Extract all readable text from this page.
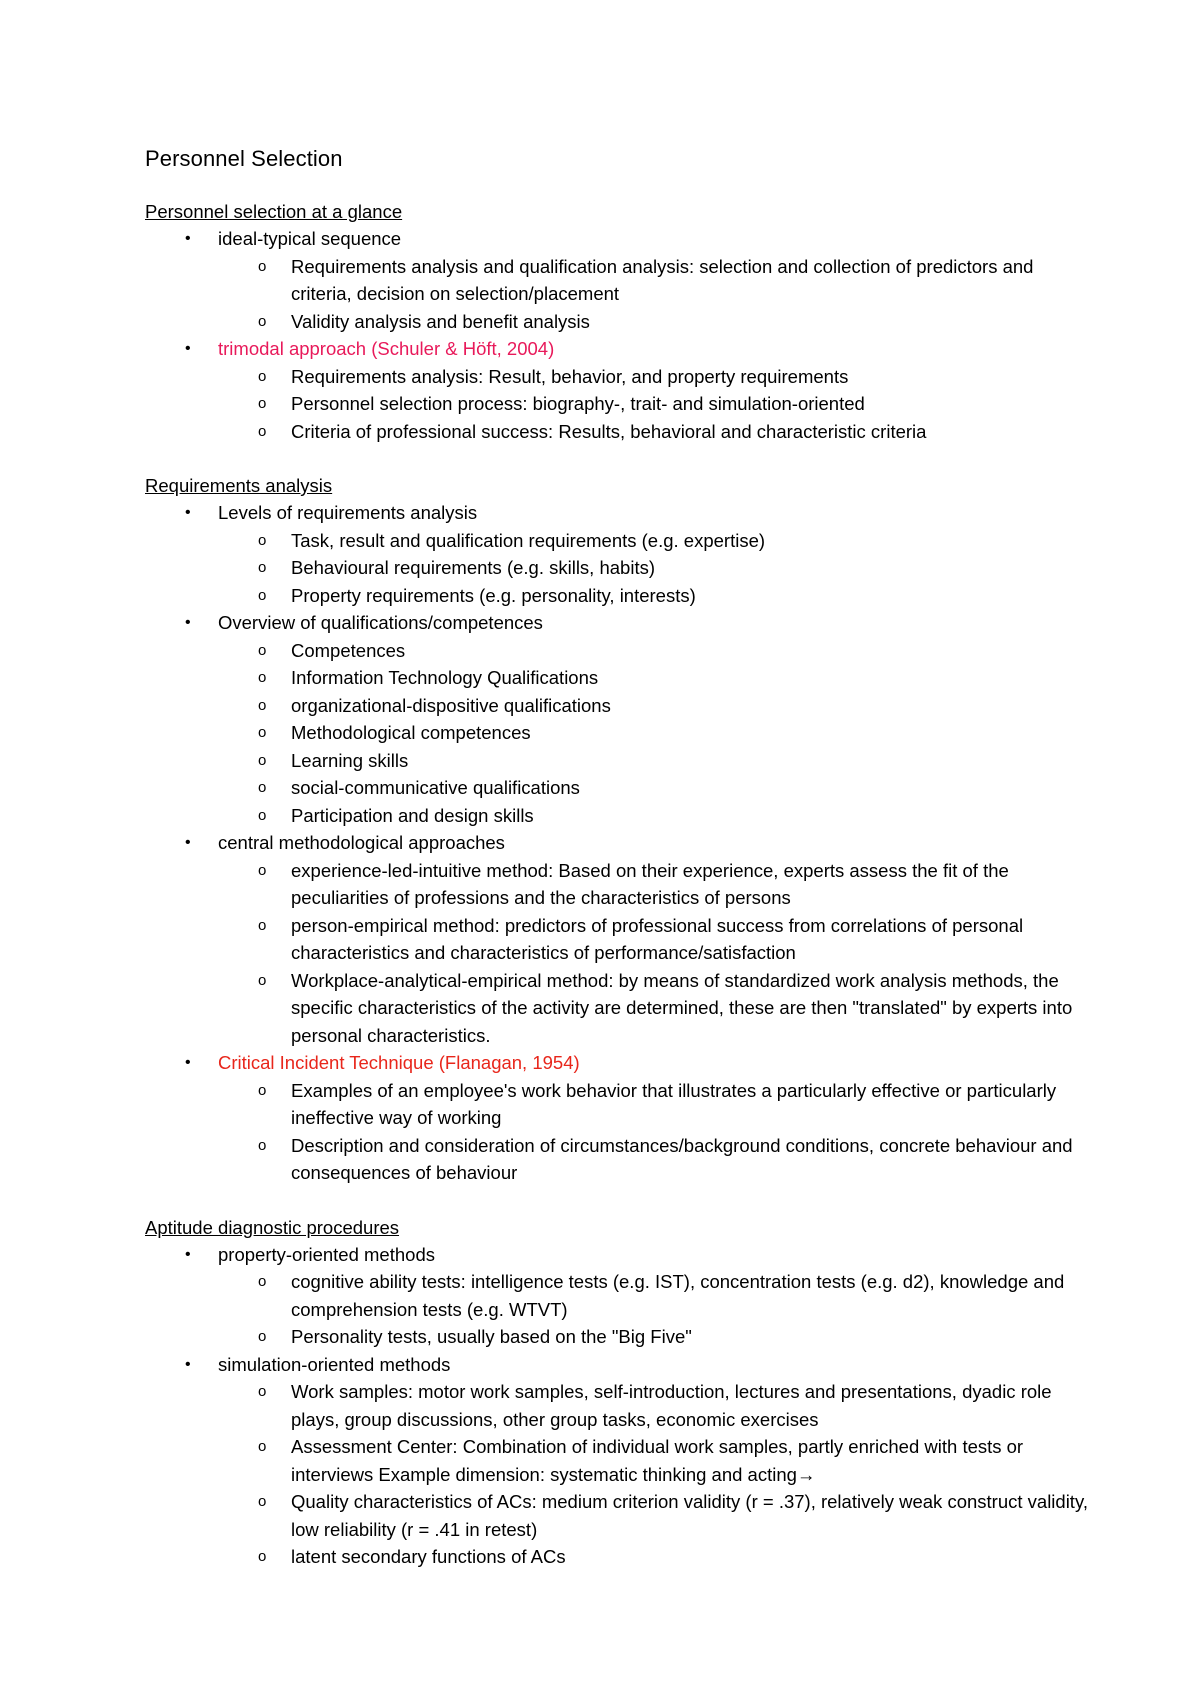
Personnel Selection
Personnel selection at a glance
• ideal-typical sequence
o Requirements analysis and qualification analysis: selection and collection of predictors and criteria, decision on selection/placement
o Validity analysis and benefit analysis
• trimodal approach (Schuler & Höft, 2004)
o Requirements analysis: Result, behavior, and property requirements
o Personnel selection process: biography-, trait- and simulation-oriented
o Criteria of professional success: Results, behavioral and characteristic criteria
Requirements analysis
• Levels of requirements analysis
o Task, result and qualification requirements (e.g. expertise)
o Behavioural requirements (e.g. skills, habits)
o Property requirements (e.g. personality, interests)
• Overview of qualifications/competences
o Competences
o Information Technology Qualifications
o organizational-dispositive qualifications
o Methodological competences
o Learning skills
o social-communicative qualifications
o Participation and design skills
• central methodological approaches
o experience-led-intuitive method: Based on their experience, experts assess the fit of the peculiarities of professions and the characteristics of persons
o person-empirical method: predictors of professional success from correlations of personal characteristics and characteristics of performance/satisfaction
o Workplace-analytical-empirical method: by means of standardized work analysis methods, the specific characteristics of the activity are determined, these are then "translated" by experts into personal characteristics.
• Critical Incident Technique (Flanagan, 1954)
o Examples of an employee's work behavior that illustrates a particularly effective or particularly ineffective way of working
o Description and consideration of circumstances/background conditions, concrete behaviour and consequences of behaviour
Aptitude diagnostic procedures
• property-oriented methods
o cognitive ability tests: intelligence tests (e.g. IST), concentration tests (e.g. d2), knowledge and comprehension tests (e.g. WTVT)
o Personality tests, usually based on the "Big Five"
• simulation-oriented methods
o Work samples: motor work samples, self-introduction, lectures and presentations, dyadic role plays, group discussions, other group tasks, economic exercises
o Assessment Center: Combination of individual work samples, partly enriched with tests or interviews Example dimension: systematic thinking and acting→
o Quality characteristics of ACs: medium criterion validity (r = .37), relatively weak construct validity, low reliability (r = .41 in retest)
o latent secondary functions of ACs
